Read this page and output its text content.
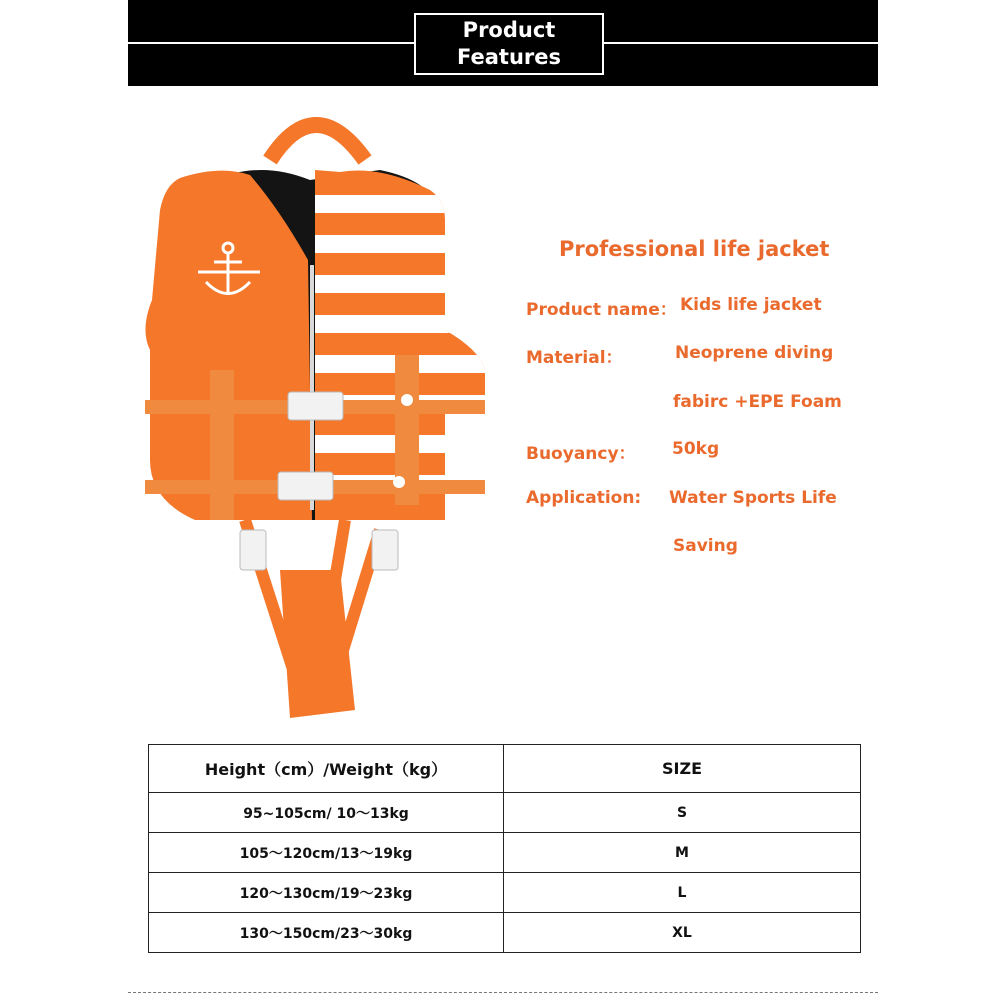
Product
Features
Professional life jacket
Product name： Kids life jacket
Material：	Neoprene diving
fabirc +EPE Foam
Buoyancy： 50kg
Application: Water Sports Life
Saving
Height（cm）/Weight（kg）	SIZE
95~105cm/ 10～13kg	S
105～120cm/13～19kg	M
120～130cm/19～23kg	L
130～150cm/23～30kg	XL
